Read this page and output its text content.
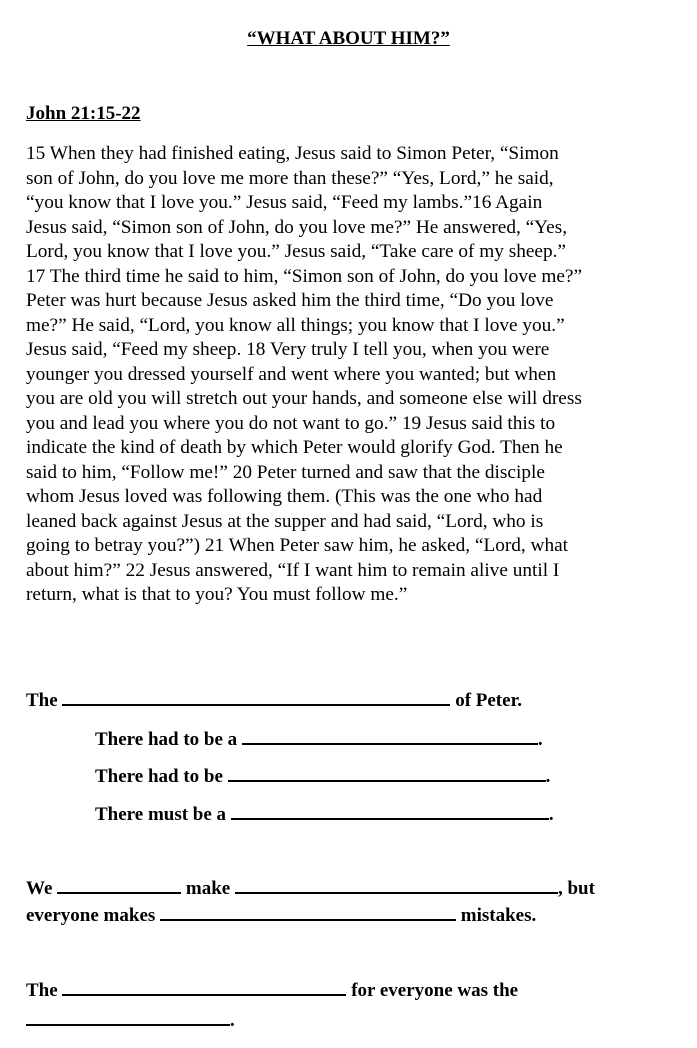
“WHAT ABOUT HIM?”
John 21:15-22
15 When they had finished eating, Jesus said to Simon Peter, “Simon
son of John, do you love me more than these?” “Yes, Lord,” he said,
“you know that I love you.” Jesus said, “Feed my lambs.”16 Again
Jesus said, “Simon son of John, do you love me?” He answered, “Yes,
Lord, you know that I love you.” Jesus said, “Take care of my sheep.”
17 The third time he said to him, “Simon son of John, do you love me?”
Peter was hurt because Jesus asked him the third time, “Do you love
me?” He said, “Lord, you know all things; you know that I love you.”
Jesus said, “Feed my sheep. 18 Very truly I tell you, when you were
younger you dressed yourself and went where you wanted; but when
you are old you will stretch out your hands, and someone else will dress
you and lead you where you do not want to go.” 19 Jesus said this to
indicate the kind of death by which Peter would glorify God. Then he
said to him, “Follow me!” 20 Peter turned and saw that the disciple
whom Jesus loved was following them. (This was the one who had
leaned back against Jesus at the supper and had said, “Lord, who is
going to betray you?”) 21 When Peter saw him, he asked, “Lord, what
about him?” 22 Jesus answered, “If I want him to remain alive until I
return, what is that to you? You must follow me.”
The	of Peter.
There had to be a	.
There had to be	.
There must be a	.
We	make	, but
everyone makes	mistakes.
The	for everyone was the
.
